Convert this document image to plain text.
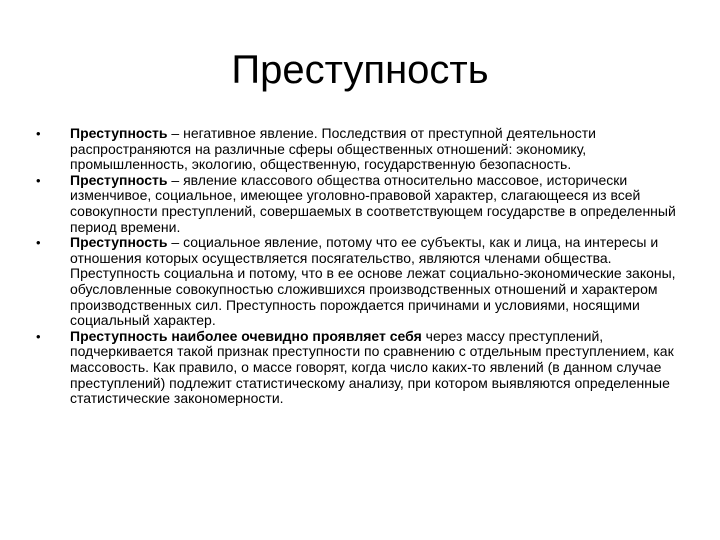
Преступность
• Преступность – негативное явление. Последствия от преступной деятельности распространяются на различные сферы общественных отношений: экономику, промышленность, экологию, общественную, государственную безопасность.
• Преступность – явление классового общества относительно массовое, исторически изменчивое, социальное, имеющее уголовно-правовой характер, слагающееся из всей совокупности преступлений, совершаемых в соответствующем государстве в определенный период времени.
• Преступность – социальное явление, потому что ее субъекты, как и лица, на интересы и отношения которых осуществляется посягательство, являются членами общества. Преступность социальна и потому, что в ее основе лежат социально-экономические законы, обусловленные совокупностью сложившихся производственных отношений и характером производственных сил. Преступность порождается причинами и условиями, носящими социальный характер.
• Преступность наиболее очевидно проявляет себя через массу преступлений, подчеркивается такой признак преступности по сравнению с отдельным преступлением, как массовость. Как правило, о массе говорят, когда число каких-то явлений (в данном случае преступлений) подлежит статистическому анализу, при котором выявляются определенные статистические закономерности.
